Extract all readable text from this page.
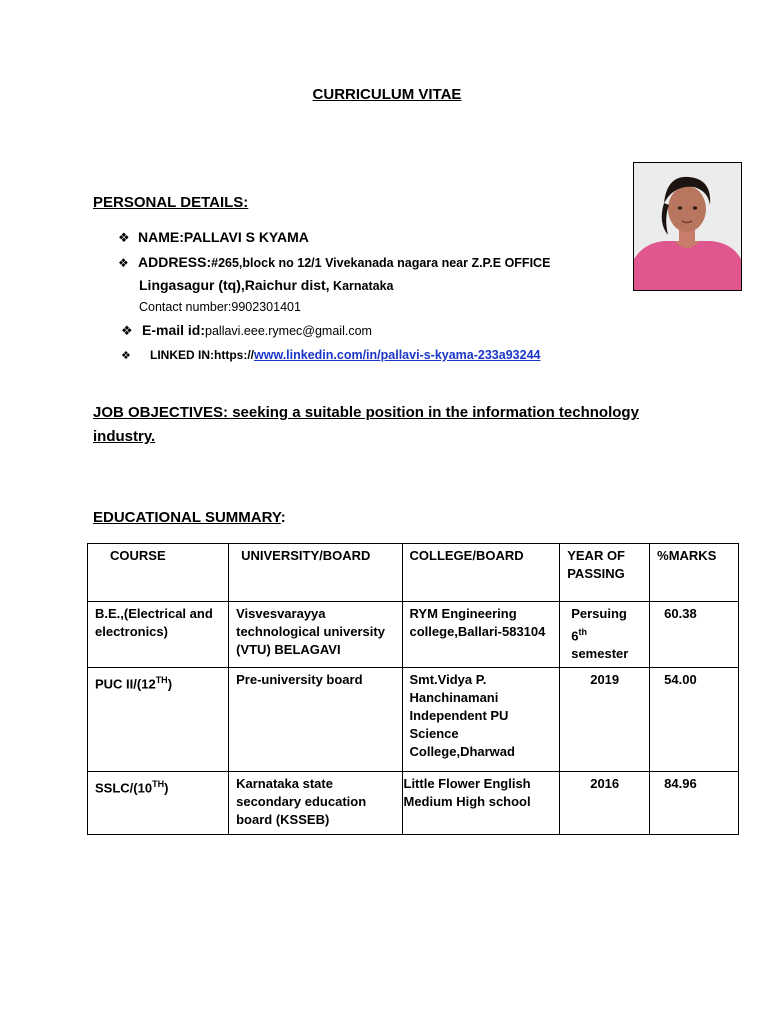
CURRICULUM VITAE
PERSONAL DETAILS:
❖ NAME:PALLAVI S KYAMA
❖ ADDRESS:#265,block no 12/1 Vivekanada nagara near Z.P.E OFFICE
Lingasagur (tq),Raichur dist, Karnataka
Contact number:9902301401
❖ E-mail id:pallavi.eee.rymec@gmail.com
❖ LINKED IN:https://www.linkedin.com/in/pallavi-s-kyama-233a93244
JOB OBJECTIVES: seeking a suitable position in the information technology industry.
EDUCATIONAL SUMMARY:
COURSE	UNIVERSITY/BOARD	COLLEGE/BOARD	YEAR OF PASSING	%MARKS
B.E.,(Electrical and electronics)	Visvesvarayya technological university (VTU) BELAGAVI	RYM Engineering college,Ballari-583104	Persuing 6th semester	60.38
PUC II/(12TH)	Pre-university board	Smt.Vidya P. Hanchinamani Independent PU Science College,Dharwad	2019	54.00
SSLC/(10TH)	Karnataka state secondary education board (KSSEB)	Little Flower English Medium High school	2016	84.96
